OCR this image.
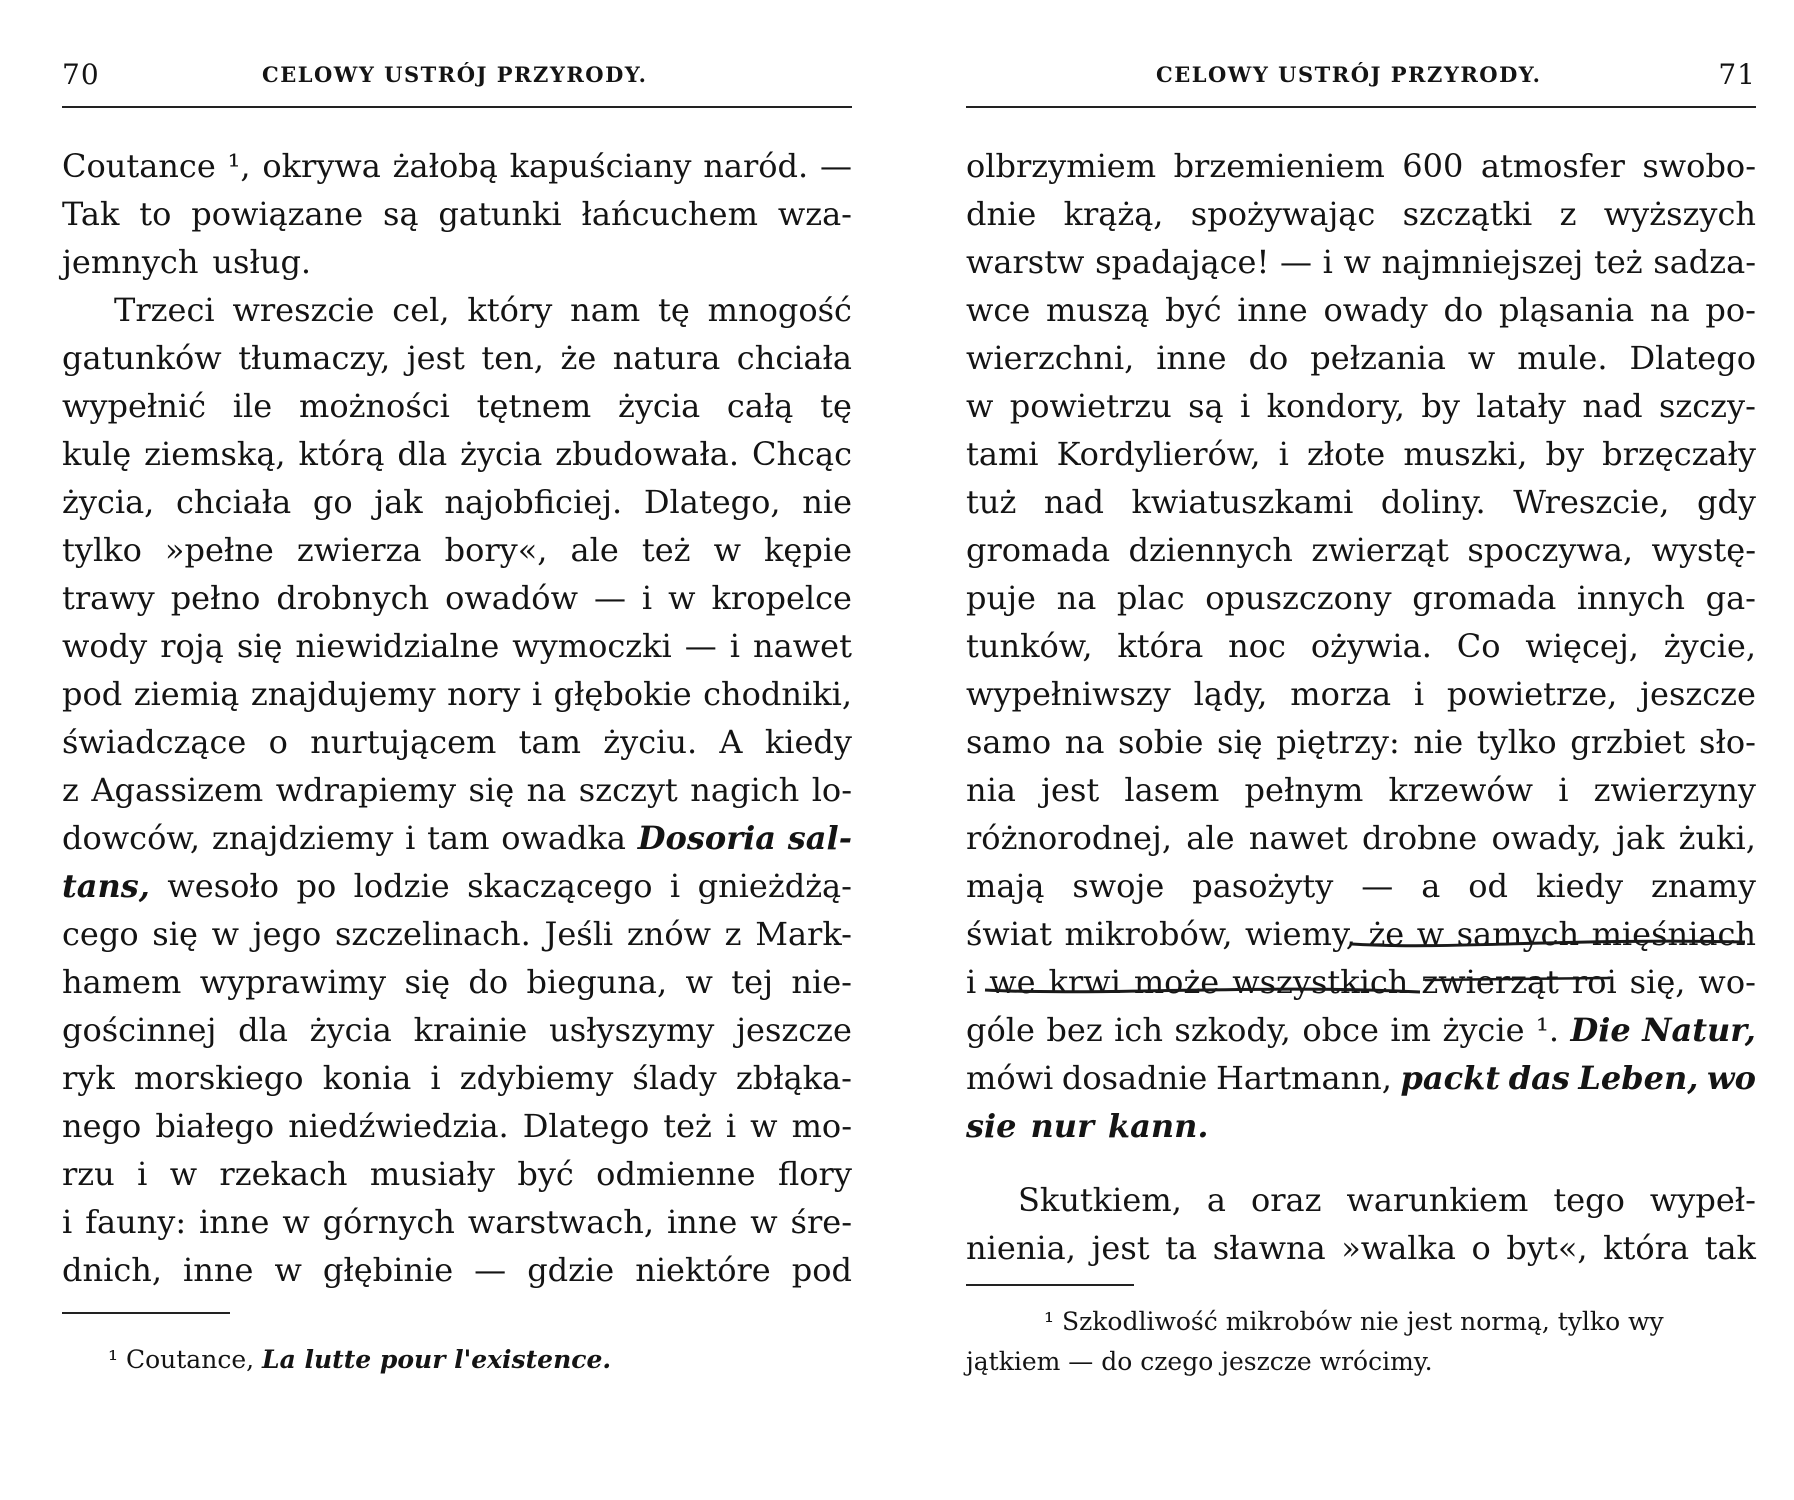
70	CELOWY USTRÓJ PRZYRODY.
Coutance ¹, okrywa żałobą kapuściany naród. —
Tak to powiązane są gatunki łańcuchem wza-
jemnych usług.
Trzeci wreszcie cel, który nam tę mnogość
gatunków tłumaczy, jest ten, że natura chciała
wypełnić ile możności tętnem życia całą tę
kulę ziemską, którą dla życia zbudowała. Chcąc
życia, chciała go jak najobficiej. Dlatego, nie
tylko »pełne zwierza bory«, ale też w kępie
trawy pełno drobnych owadów — i w kropelce
wody roją się niewidzialne wymoczki — i nawet
pod ziemią znajdujemy nory i głębokie chodniki,
świadczące o nurtującem tam życiu. A kiedy
z Agassizem wdrapiemy się na szczyt nagich lo-
dowców, znajdziemy i tam owadka Dosoria sal-
tans, wesoło po lodzie skaczącego i gnieżdżą-
cego się w jego szczelinach. Jeśli znów z Mark-
hamem wyprawimy się do bieguna, w tej nie-
gościnnej dla życia krainie usłyszymy jeszcze
ryk morskiego konia i zdybiemy ślady zbłąka-
nego białego niedźwiedzia. Dlatego też i w mo-
rzu i w rzekach musiały być odmienne flory
i fauny: inne w górnych warstwach, inne w śre-
dnich, inne w głębinie — gdzie niektóre pod
¹ Coutance, La lutte pour l'existence.
CELOWY USTRÓJ PRZYRODY.	71
olbrzymiem brzemieniem 600 atmosfer swobo-
dnie krążą, spożywając szczątki z wyższych
warstw spadające! — i w najmniejszej też sadza-
wce muszą być inne owady do pląsania na po-
wierzchni, inne do pełzania w mule. Dlatego
w powietrzu są i kondory, by latały nad szczy-
tami Kordylierów, i złote muszki, by brzęczały
tuż nad kwiatuszkami doliny. Wreszcie, gdy
gromada dziennych zwierząt spoczywa, wystę-
puje na plac opuszczony gromada innych ga-
tunków, która noc ożywia. Co więcej, życie,
wypełniwszy lądy, morza i powietrze, jeszcze
samo na sobie się piętrzy: nie tylko grzbiet sło-
nia jest lasem pełnym krzewów i zwierzyny
różnorodnej, ale nawet drobne owady, jak żuki,
mają swoje pasożyty — a od kiedy znamy
świat mikrobów, wiemy, że w samych mięśniach
i we krwi może wszystkich zwierząt roi się, wo-
góle bez ich szkody, obce im życie ¹. Die Natur,
mówi dosadnie Hartmann, packt das Leben, wo
sie nur kann.
Skutkiem, a oraz warunkiem tego wypeł-
nienia, jest ta sławna »walka o byt«, która tak
¹ Szkodliwość mikrobów nie jest normą, tylko wy
jątkiem — do czego jeszcze wrócimy.
